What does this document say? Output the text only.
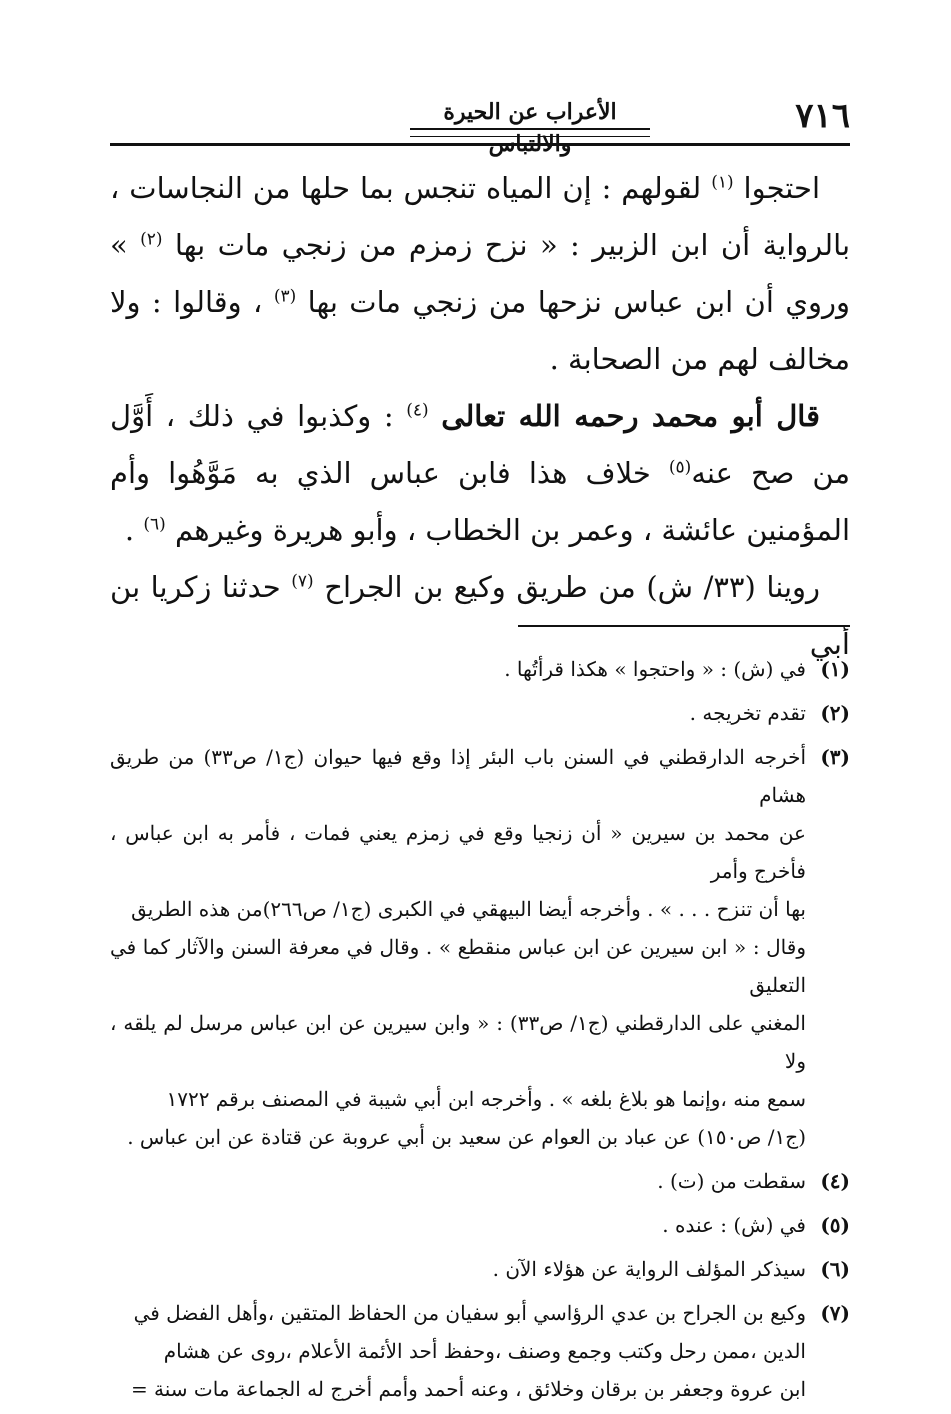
٧١٦
الأعراب عن الحيرة والالتباس

احتجوا $^{(١)}$ لقولهم : إن المياه تنجس بما حلها من النجاسات ، بالرواية أن ابن الزبير : « نزح زمزم من زنجي مات بها $^{(٢)}$ » وروي أن ابن عباس نزحها من زنجي مات بها $^{(٣)}$ ، وقالوا : ولا مخالف لهم من الصحابة .

قال أبو محمد رحمه الله تعالى $^{(٤)}$ : وكذبوا في ذلك ، أَوَّل من صح عنه$^{(٥)}$ خلاف هذا فابن عباس الذي به مَوَّهُوا وأم المؤمنين عائشة ، وعمر بن الخطاب ، وأبو هريرة وغيرهم $^{(٦)}$ .

روينا (٣٣/ ش) من طريق وكيع بن الجراح $^{(٧)}$ حدثنا زكريا بن أبي

(١)
في (ش) : « واحتجوا » هكذا قرأتُها .
(٢)
تقدم تخريجه .
(٣)
أخرجه الدارقطني في السنن باب البئر إذا وقع فيها حيوان (ج١/ ص٣٣) من طريق هشام
عن محمد بن سيرين « أن زنجيا وقع في زمزم يعني فمات ، فأمر به ابن عباس ، فأخرج وأمر
بها أن تنزح . . . » . وأخرجه أيضا البيهقي في الكبرى (ج١/ ص٢٦٦)من هذه الطريق
وقال : « ابن سيرين عن ابن عباس منقطع » . وقال في معرفة السنن والآثار كما في التعليق
المغني على الدارقطني (ج١/ ص٣٣) : « وابن سيرين عن ابن عباس مرسل لم يلقه ، ولا
سمع منه ،وإنما هو بلاغ بلغه » . وأخرجه ابن أبي شيبة في المصنف برقم ١٧٢٢
(ج١/ ص١٥٠) عن عباد بن العوام عن سعيد بن أبي عروبة عن قتادة عن ابن عباس .
(٤)
سقطت من (ت) .
(٥)
في (ش) : عنده .
(٦)
سيذكر المؤلف الرواية عن هؤلاء الآن .
(٧)
وكيع بن الجراح بن عدي الرؤاسي أبو سفيان من الحفاظ المتقين ،وأهل الفضل في
الدين ،ممن رحل وكتب وجمع وصنف ،وحفظ أحد الأئمة الأعلام ،روى عن هشام
ابن عروة وجعفر بن برقان وخلائق ، وعنه أحمد وأمم أخرج له الجماعة مات سنة =
